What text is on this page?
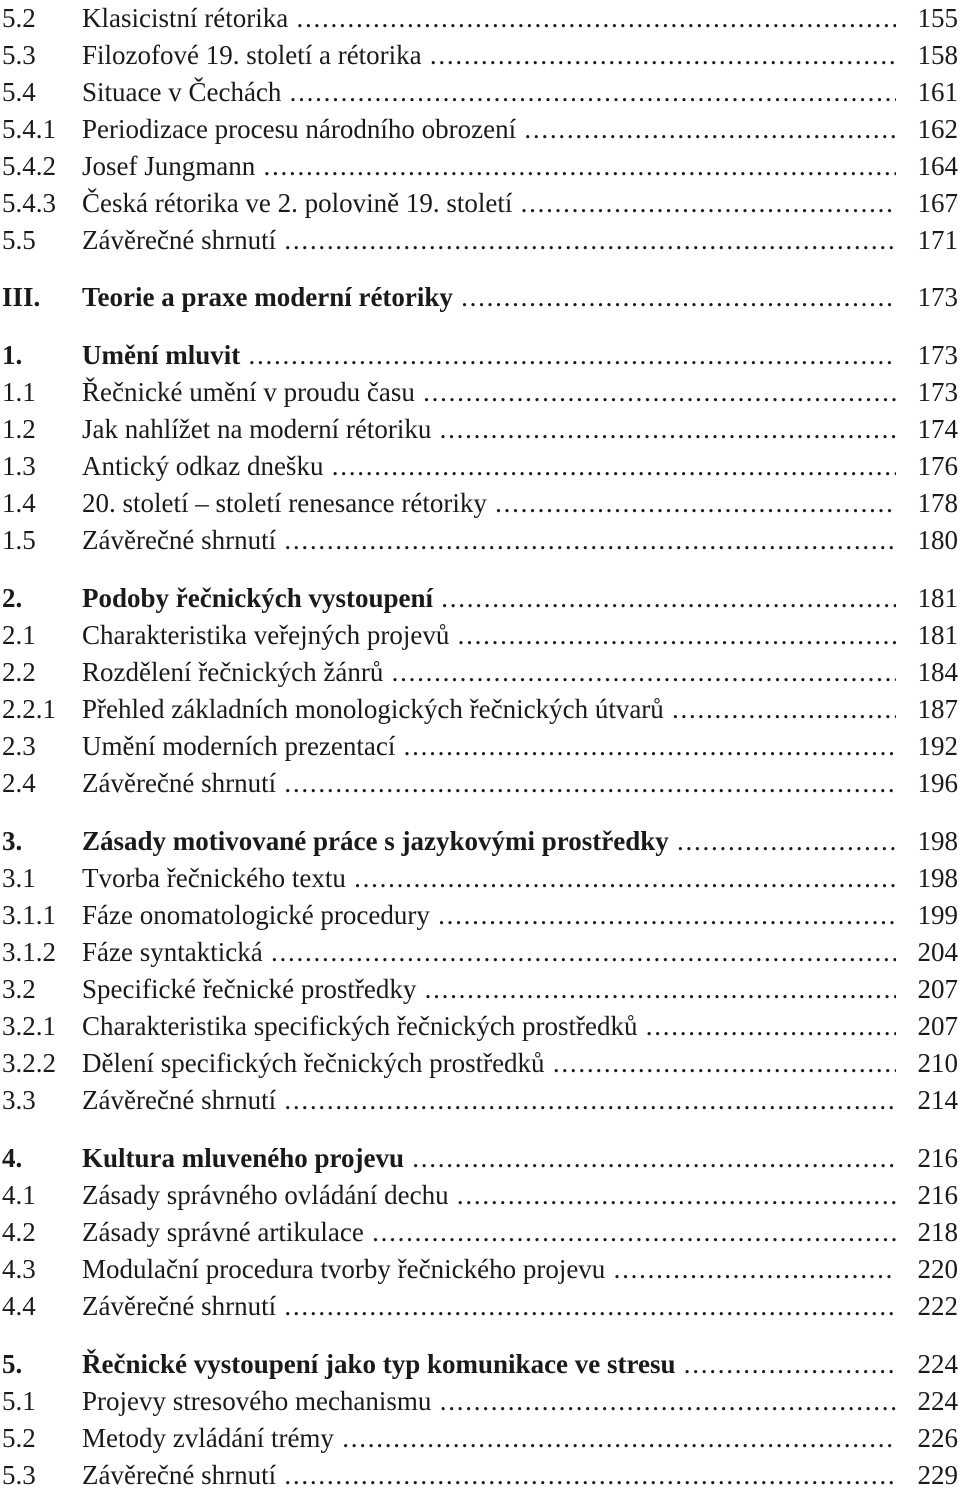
5.2 Klasicistní rétorika . . .	155
5.3 Filozofové 19. století a rétorika . . .	158
5.4 Situace v Čechách . . .	161
5.4.1 Periodizace procesu národního obrození . . .	162
5.4.2 Josef Jungmann . . .	164
5.4.3 Česká rétorika ve 2. polovině 19. století . . .	167
5.5 Závěrečné shrnutí . . .	171
III. Teorie a praxe moderní rétoriky . . .	173
1. Umění mluvit . . .	173
1.1 Řečnické umění v proudu času . . .	173
1.2 Jak nahlížet na moderní rétoriku . . .	174
1.3 Antický odkaz dnešku . . .	176
1.4 20. století – století renesance rétoriky . . .	178
1.5 Závěrečné shrnutí . . .	180
2. Podoby řečnických vystoupení . . .	181
2.1 Charakteristika veřejných projevů . . .	181
2.2 Rozdělení řečnických žánrů . . .	184
2.2.1 Přehled základních monologických řečnických útvarů . . .	187
2.3 Umění moderních prezentací . . .	192
2.4 Závěrečné shrnutí . . .	196
3. Zásady motivované práce s jazykovými prostředky . . .	198
3.1 Tvorba řečnického textu . . .	198
3.1.1 Fáze onomatologické procedury . . .	199
3.1.2 Fáze syntaktická . . .	204
3.2 Specifické řečnické prostředky . . .	207
3.2.1 Charakteristika specifických řečnických prostředků . . .	207
3.2.2 Dělení specifických řečnických prostředků . . .	210
3.3 Závěrečné shrnutí . . .	214
4. Kultura mluveného projevu . . .	216
4.1 Zásady správného ovládání dechu . . .	216
4.2 Zásady správné artikulace . . .	218
4.3 Modulační procedura tvorby řečnického projevu . . .	220
4.4 Závěrečné shrnutí . . .	222
5. Řečnické vystoupení jako typ komunikace ve stresu . . .	224
5.1 Projevy stresového mechanismu . . .	224
5.2 Metody zvládání trémy . . .	226
5.3 Závěrečné shrnutí . . .	229
